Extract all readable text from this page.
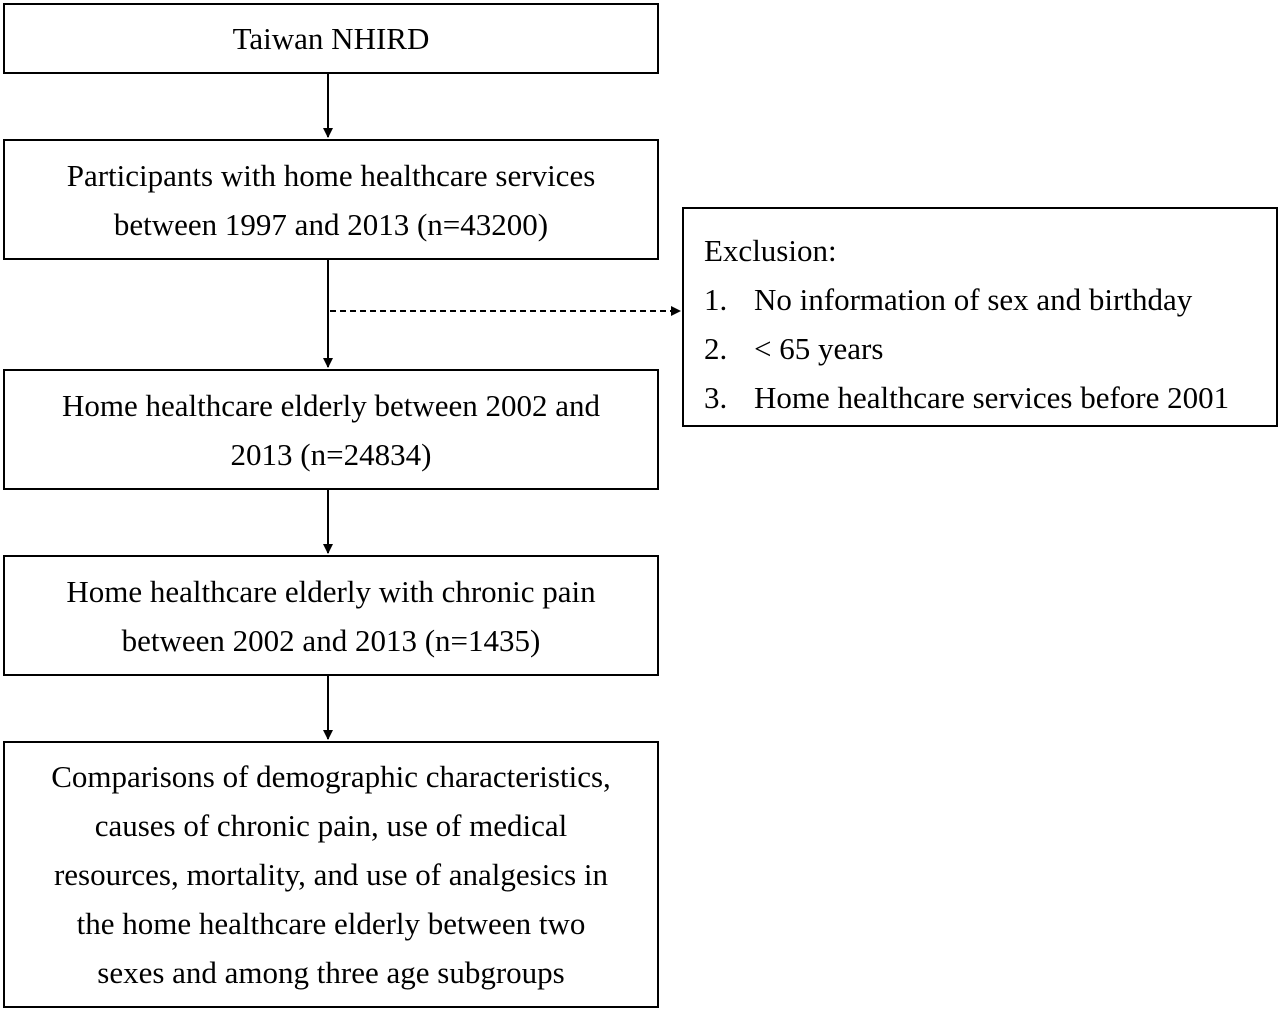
Taiwan NHIRD
Participants with home healthcare services
between 1997 and 2013 (n=43200)
Home healthcare elderly between 2002 and
2013 (n=24834)
Home healthcare elderly with chronic pain
between 2002 and 2013 (n=1435)
Comparisons of demographic characteristics,
causes of chronic pain, use of medical
resources, mortality, and use of analgesics in
the home healthcare elderly between two
sexes and among three age subgroups
Exclusion:
1. No information of sex and birthday
2. < 65 years
3. Home healthcare services before 2001
